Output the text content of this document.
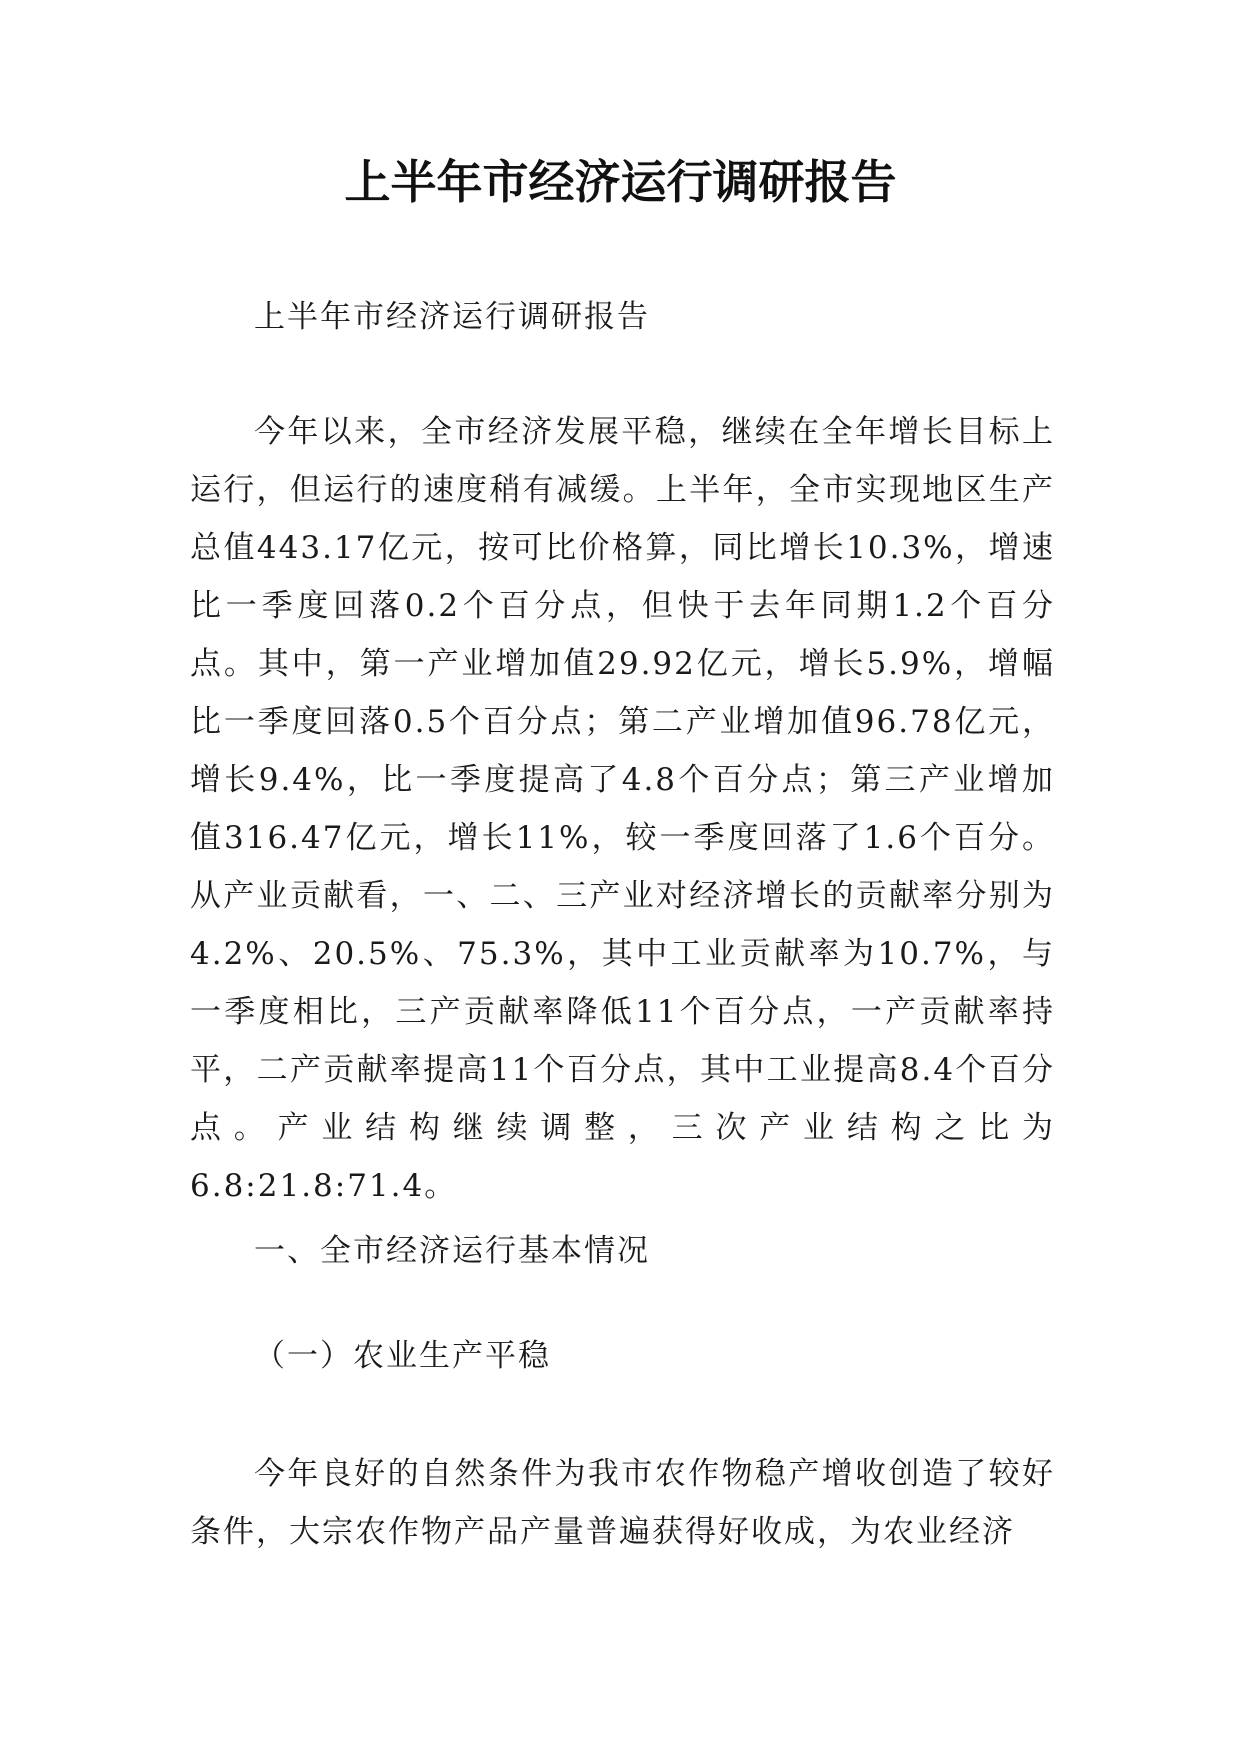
上半年市经济运行调研报告

上半年市经济运行调研报告

今年以来，全市经济发展平稳，继续在全年增长目标上运行，但运行的速度稍有减缓。上半年，全市实现地区生产总值443.17亿元，按可比价格算，同比增长10.3%，增速比一季度回落0.2个百分点，但快于去年同期1.2个百分点。其中，第一产业增加值29.92亿元，增长5.9%，增幅比一季度回落0.5个百分点；第二产业增加值96.78亿元，增长9.4%，比一季度提高了4.8个百分点；第三产业增加值316.47亿元，增长11%，较一季度回落了1.6个百分。从产业贡献看，一、二、三产业对经济增长的贡献率分别为4.2%、20.5%、75.3%，其中工业贡献率为10.7%，与一季度相比，三产贡献率降低11个百分点，一产贡献率持平，二产贡献率提高11个百分点，其中工业提高8.4个百分点。产业结构继续调整，三次产业结构之比为6.8:21.8:71.4。

一、全市经济运行基本情况

（一）农业生产平稳

今年良好的自然条件为我市农作物稳产增收创造了较好条件，大宗农作物产品产量普遍获得好收成，为农业经济
